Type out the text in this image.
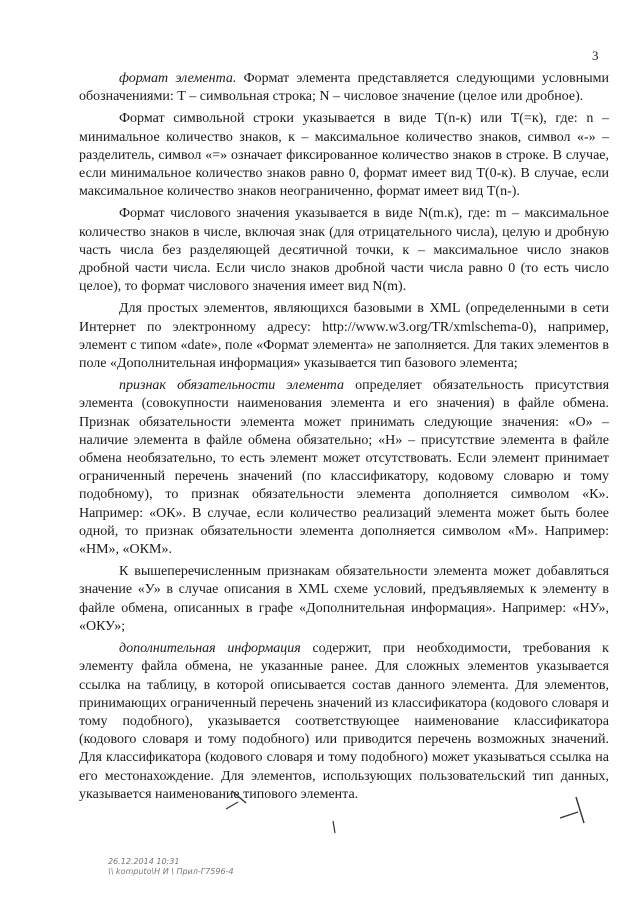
3

формат элемента. Формат элемента представляется следующими условными обозначениями: Т – символьная строка; N – числовое значение (целое или дробное).

Формат символьной строки указывается в виде T(n-к) или T(=к), где: n – минимальное количество знаков, к – максимальное количество знаков, символ «-» – разделитель, символ «=» означает фиксированное количество знаков в строке. В случае, если минимальное количество знаков равно 0, формат имеет вид T(0-к). В случае, если максимальное количество знаков неограниченно, формат имеет вид T(n-).

Формат числового значения указывается в виде N(m.к), где: m – максимальное количество знаков в числе, включая знак (для отрицательного числа), целую и дробную часть числа без разделяющей десятичной точки, к – максимальное число знаков дробной части числа. Если число знаков дробной части числа равно 0 (то есть число целое), то формат числового значения имеет вид N(m).

Для простых элементов, являющихся базовыми в XML (определенными в сети Интернет по электронному адресу: http://www.w3.org/TR/xmlschema-0), например, элемент с типом «date», поле «Формат элемента» не заполняется. Для таких элементов в поле «Дополнительная информация» указывается тип базового элемента;

признак обязательности элемента определяет обязательность присутствия элемента (совокупности наименования элемента и его значения) в файле обмена. Признак обязательности элемента может принимать следующие значения: «О» – наличие элемента в файле обмена обязательно; «Н» – присутствие элемента в файле обмена необязательно, то есть элемент может отсутствовать. Если элемент принимает ограниченный перечень значений (по классификатору, кодовому словарю и тому подобному), то признак обязательности элемента дополняется символом «К». Например: «ОК». В случае, если количество реализаций элемента может быть более одной, то признак обязательности элемента дополняется символом «М». Например: «НМ», «ОКМ».

К вышеперечисленным признакам обязательности элемента может добавляться значение «У» в случае описания в XML схеме условий, предъявляемых к элементу в файле обмена, описанных в графе «Дополнительная информация». Например: «НУ», «ОКУ»;

дополнительная информация содержит, при необходимости, требования к элементу файла обмена, не указанные ранее. Для сложных элементов указывается ссылка на таблицу, в которой описывается состав данного элемента. Для элементов, принимающих ограниченный перечень значений из классификатора (кодового словаря и тому подобного), указывается соответствующее наименование классификатора (кодового словаря и тому подобного) или приводится перечень возможных значений. Для классификатора (кодового словаря и тому подобного) может указываться ссылка на его местонахождение. Для элементов, использующих пользовательский тип данных, указывается наименование типового элемента.

26.12.2014 10:31
\\ komputo\Н И \ Прил-Г7596-4
